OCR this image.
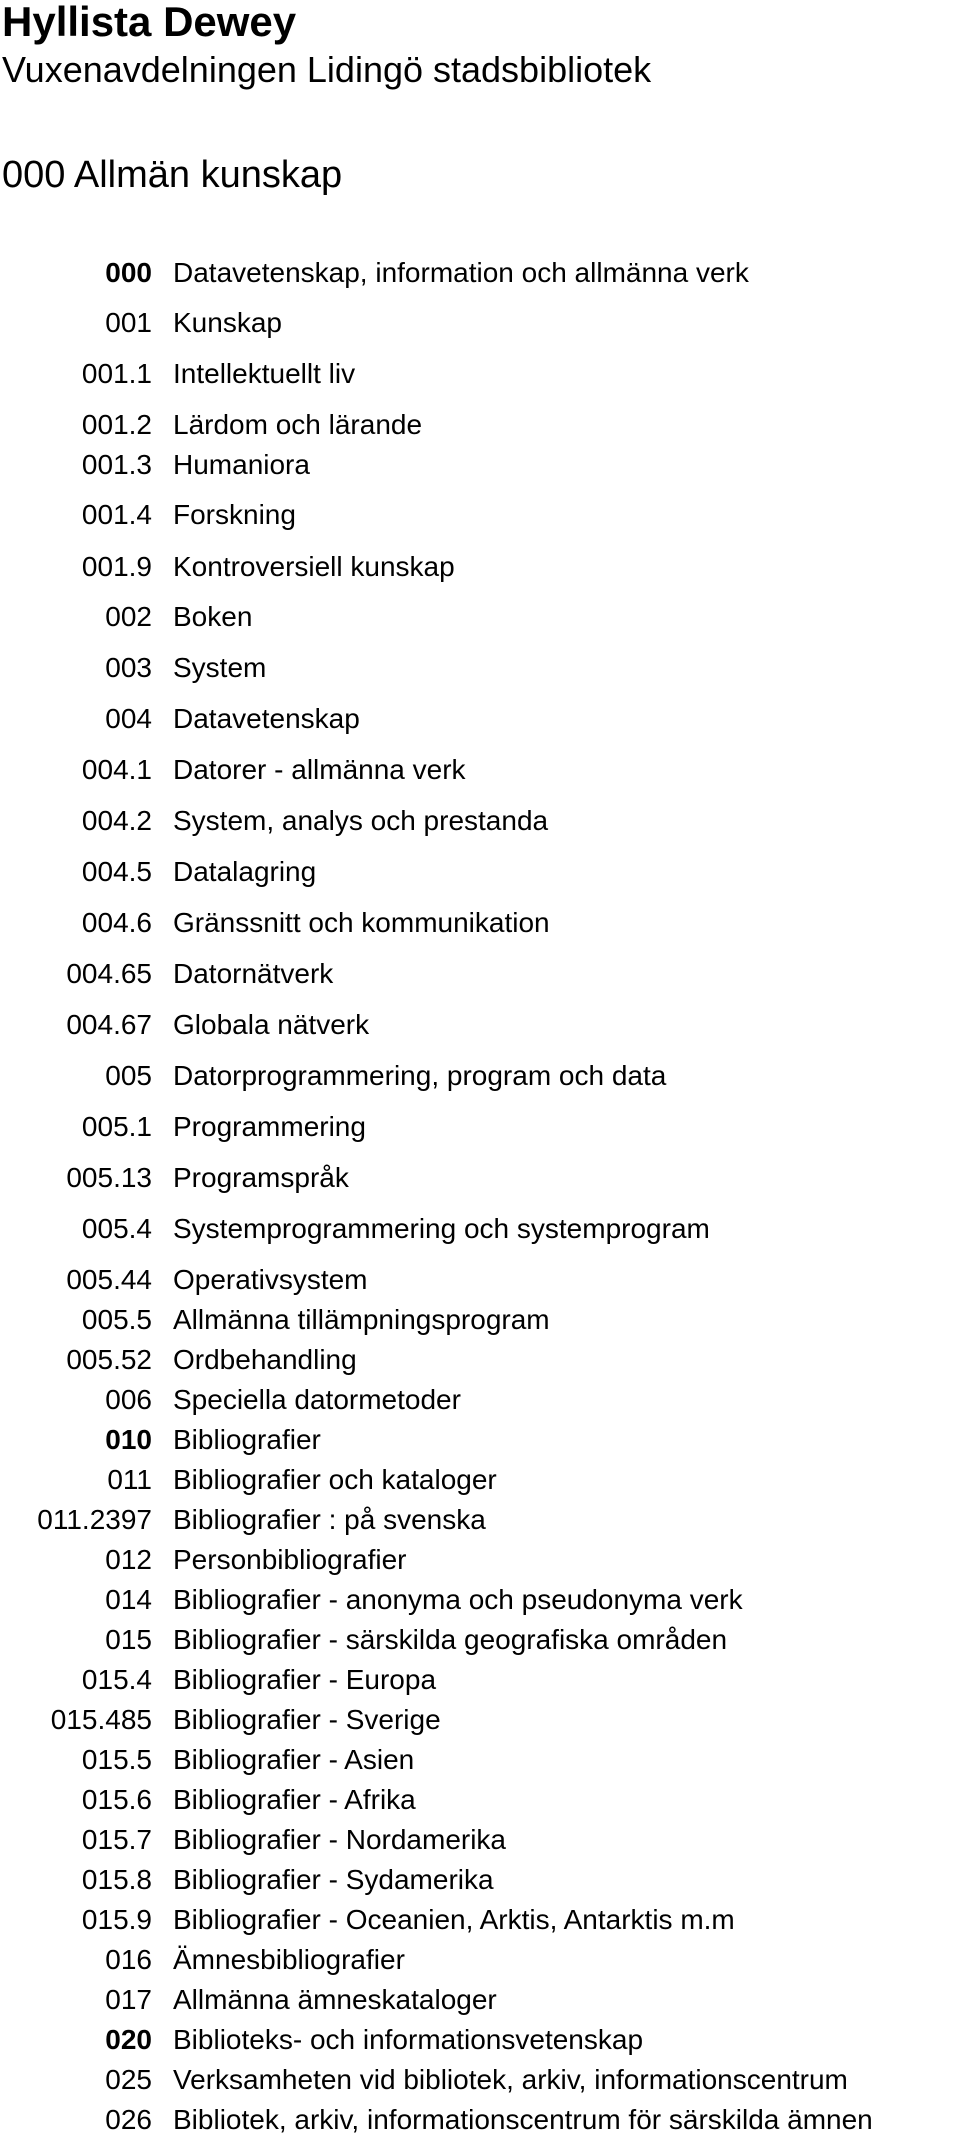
Hyllista Dewey
Vuxenavdelningen Lidingö stadsbibliotek
000 Allmän kunskap
000 Datavetenskap, information och allmänna verk
001 Kunskap
001.1 Intellektuellt liv
001.2 Lärdom och lärande
001.3 Humaniora
001.4 Forskning
001.9 Kontroversiell kunskap
002 Boken
003 System
004 Datavetenskap
004.1 Datorer - allmänna verk
004.2 System, analys och prestanda
004.5 Datalagring
004.6 Gränssnitt och kommunikation
004.65 Datornätverk
004.67 Globala nätverk
005 Datorprogrammering, program och data
005.1 Programmering
005.13 Programspråk
005.4 Systemprogrammering och systemprogram
005.44 Operativsystem
005.5 Allmänna tillämpningsprogram
005.52 Ordbehandling
006 Speciella datormetoder
010 Bibliografier
011 Bibliografier och kataloger
011.2397 Bibliografier : på svenska
012 Personbibliografier
014 Bibliografier - anonyma och pseudonyma verk
015 Bibliografier - särskilda geografiska områden
015.4 Bibliografier - Europa
015.485 Bibliografier - Sverige
015.5 Bibliografier - Asien
015.6 Bibliografier - Afrika
015.7 Bibliografier - Nordamerika
015.8 Bibliografier - Sydamerika
015.9 Bibliografier - Oceanien, Arktis, Antarktis m.m
016 Ämnesbibliografier
017 Allmänna ämneskataloger
020 Biblioteks- och informationsvetenskap
025 Verksamheten vid bibliotek, arkiv, informationscentrum
026 Bibliotek, arkiv, informationscentrum för särskilda ämnen
